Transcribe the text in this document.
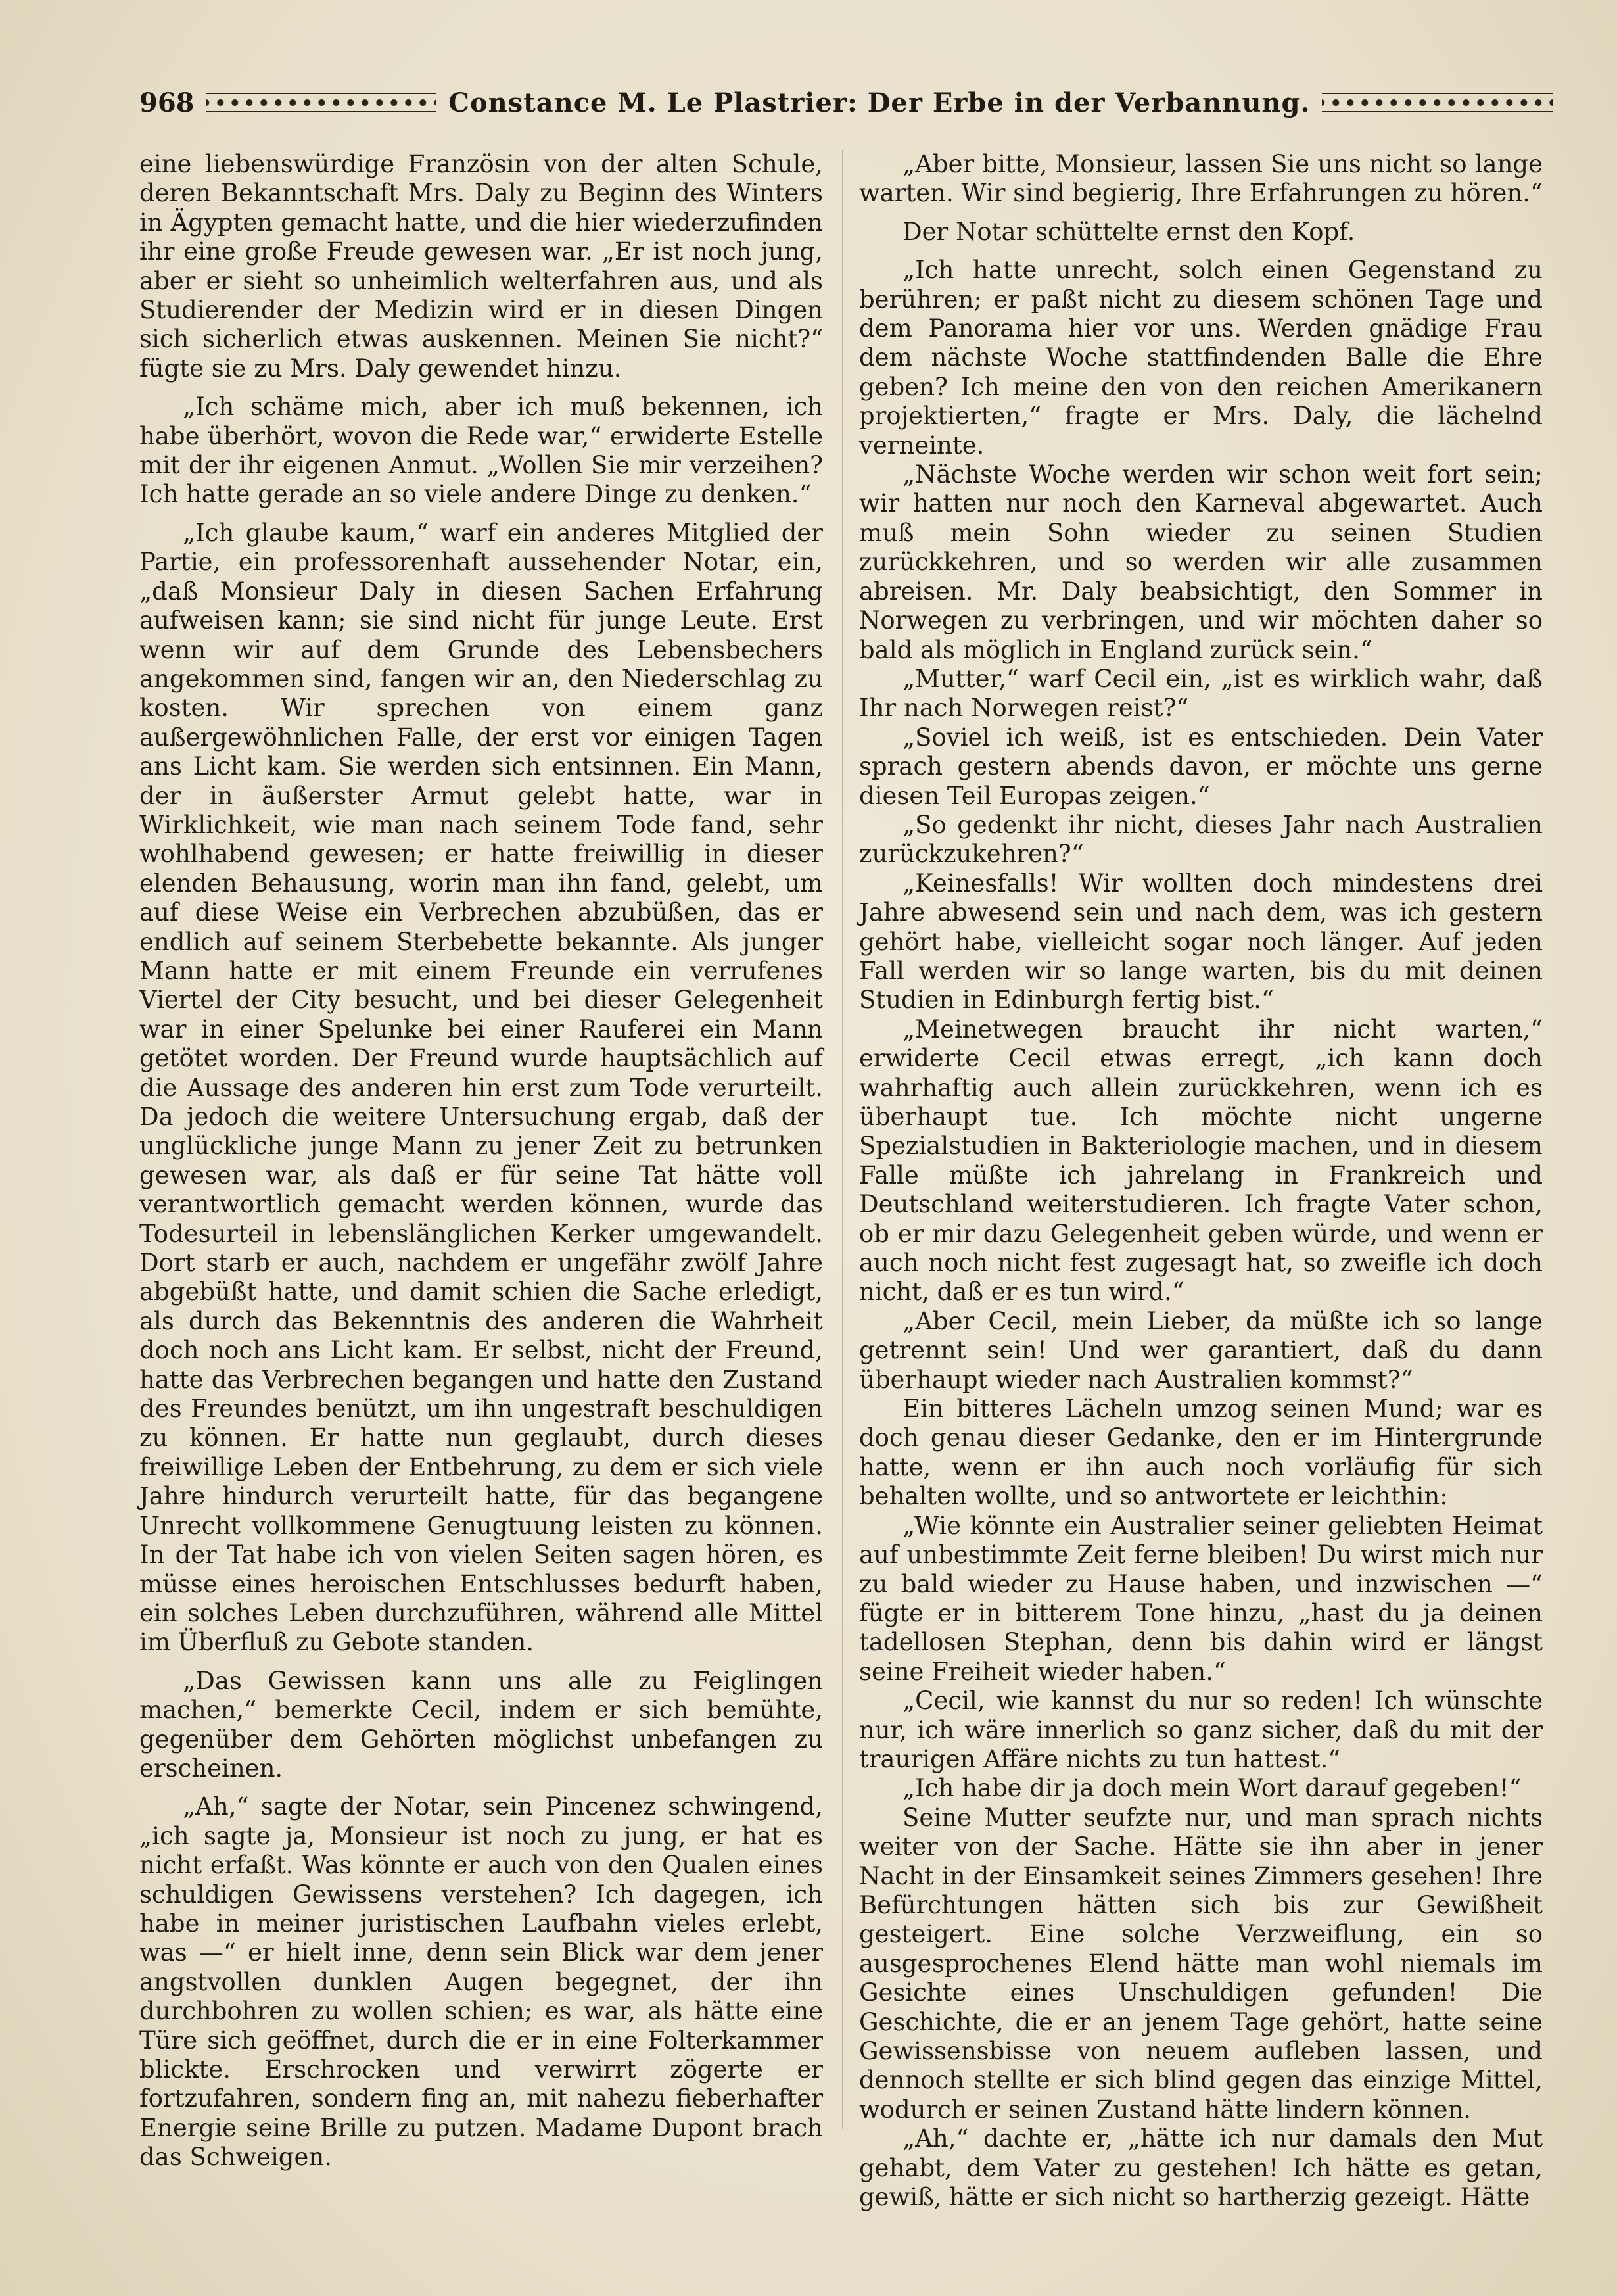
968	Constance M. Le Plastrier: Der Erbe in der Verbannung.

eine liebenswürdige Französin von der alten Schule, deren Bekanntschaft Mrs. Daly zu Beginn des Winters in Ägypten gemacht hatte, und die hier wiederzufinden ihr eine große Freude gewesen war. „Er ist noch jung, aber er sieht so unheimlich welterfahren aus, und als Studierender der Medizin wird er in diesen Dingen sich sicherlich etwas auskennen. Meinen Sie nicht?“ fügte sie zu Mrs. Daly gewendet hinzu.

„Ich schäme mich, aber ich muß bekennen, ich habe überhört, wovon die Rede war,“ erwiderte Estelle mit der ihr eigenen Anmut. „Wollen Sie mir verzeihen? Ich hatte gerade an so viele andere Dinge zu denken.“

„Ich glaube kaum,“ warf ein anderes Mitglied der Partie, ein professorenhaft aussehender Notar, ein, „daß Monsieur Daly in diesen Sachen Erfahrung aufweisen kann; sie sind nicht für junge Leute. Erst wenn wir auf dem Grunde des Lebensbechers angekommen sind, fangen wir an, den Niederschlag zu kosten. Wir sprechen von einem ganz außergewöhnlichen Falle, der erst vor einigen Tagen ans Licht kam. Sie werden sich entsinnen. Ein Mann, der in äußerster Armut gelebt hatte, war in Wirklichkeit, wie man nach seinem Tode fand, sehr wohlhabend gewesen; er hatte freiwillig in dieser elenden Behausung, worin man ihn fand, gelebt, um auf diese Weise ein Verbrechen abzubüßen, das er endlich auf seinem Sterbebette bekannte. Als junger Mann hatte er mit einem Freunde ein verrufenes Viertel der City besucht, und bei dieser Gelegenheit war in einer Spelunke bei einer Rauferei ein Mann getötet worden. Der Freund wurde hauptsächlich auf die Aussage des anderen hin erst zum Tode verurteilt. Da jedoch die weitere Untersuchung ergab, daß der unglückliche junge Mann zu jener Zeit zu betrunken gewesen war, als daß er für seine Tat hätte voll verantwortlich gemacht werden können, wurde das Todesurteil in lebenslänglichen Kerker umgewandelt. Dort starb er auch, nachdem er ungefähr zwölf Jahre abgebüßt hatte, und damit schien die Sache erledigt, als durch das Bekenntnis des anderen die Wahrheit doch noch ans Licht kam. Er selbst, nicht der Freund, hatte das Verbrechen begangen und hatte den Zustand des Freundes benützt, um ihn ungestraft beschuldigen zu können. Er hatte nun geglaubt, durch dieses freiwillige Leben der Entbehrung, zu dem er sich viele Jahre hindurch verurteilt hatte, für das begangene Unrecht vollkommene Genugtuung leisten zu können. In der Tat habe ich von vielen Seiten sagen hören, es müsse eines heroischen Entschlusses bedurft haben, ein solches Leben durchzuführen, während alle Mittel im Überfluß zu Gebote standen.

„Das Gewissen kann uns alle zu Feiglingen machen,“ bemerkte Cecil, indem er sich bemühte, gegenüber dem Gehörten möglichst unbefangen zu erscheinen.

„Ah,“ sagte der Notar, sein Pincenez schwingend, „ich sagte ja, Monsieur ist noch zu jung, er hat es nicht erfaßt. Was könnte er auch von den Qualen eines schuldigen Gewissens verstehen? Ich dagegen, ich habe in meiner juristischen Laufbahn vieles erlebt, was —“ er hielt inne, denn sein Blick war dem jener angstvollen dunklen Augen begegnet, der ihn durchbohren zu wollen schien; es war, als hätte eine Türe sich geöffnet, durch die er in eine Folterkammer blickte. Erschrocken und verwirrt zögerte er fortzufahren, sondern fing an, mit nahezu fieberhafter Energie seine Brille zu putzen. Madame Dupont brach das Schweigen.

„Aber bitte, Monsieur, lassen Sie uns nicht so lange warten. Wir sind begierig, Ihre Erfahrungen zu hören.“

Der Notar schüttelte ernst den Kopf.

„Ich hatte unrecht, solch einen Gegenstand zu berühren; er paßt nicht zu diesem schönen Tage und dem Panorama hier vor uns. Werden gnädige Frau dem nächste Woche stattfindenden Balle die Ehre geben? Ich meine den von den reichen Amerikanern projektierten,“ fragte er Mrs. Daly, die lächelnd verneinte.

„Nächste Woche werden wir schon weit fort sein; wir hatten nur noch den Karneval abgewartet. Auch muß mein Sohn wieder zu seinen Studien zurückkehren, und so werden wir alle zusammen abreisen. Mr. Daly beabsichtigt, den Sommer in Norwegen zu verbringen, und wir möchten daher so bald als möglich in England zurück sein.“

„Mutter,“ warf Cecil ein, „ist es wirklich wahr, daß Ihr nach Norwegen reist?“

„Soviel ich weiß, ist es entschieden. Dein Vater sprach gestern abends davon, er möchte uns gerne diesen Teil Europas zeigen.“

„So gedenkt ihr nicht, dieses Jahr nach Australien zurückzukehren?“

„Keinesfalls! Wir wollten doch mindestens drei Jahre abwesend sein und nach dem, was ich gestern gehört habe, vielleicht sogar noch länger. Auf jeden Fall werden wir so lange warten, bis du mit deinen Studien in Edinburgh fertig bist.“

„Meinetwegen braucht ihr nicht warten,“ erwiderte Cecil etwas erregt, „ich kann doch wahrhaftig auch allein zurückkehren, wenn ich es überhaupt tue. Ich möchte nicht ungerne Spezialstudien in Bakteriologie machen, und in diesem Falle müßte ich jahrelang in Frankreich und Deutschland weiterstudieren. Ich fragte Vater schon, ob er mir dazu Gelegenheit geben würde, und wenn er auch noch nicht fest zugesagt hat, so zweifle ich doch nicht, daß er es tun wird.“

„Aber Cecil, mein Lieber, da müßte ich so lange getrennt sein! Und wer garantiert, daß du dann überhaupt wieder nach Australien kommst?“

Ein bitteres Lächeln umzog seinen Mund; war es doch genau dieser Gedanke, den er im Hintergrunde hatte, wenn er ihn auch noch vorläufig für sich behalten wollte, und so antwortete er leichthin:

„Wie könnte ein Australier seiner geliebten Heimat auf unbestimmte Zeit ferne bleiben! Du wirst mich nur zu bald wieder zu Hause haben, und inzwischen —“ fügte er in bitterem Tone hinzu, „hast du ja deinen tadellosen Stephan, denn bis dahin wird er längst seine Freiheit wieder haben.“

„Cecil, wie kannst du nur so reden! Ich wünschte nur, ich wäre innerlich so ganz sicher, daß du mit der traurigen Affäre nichts zu tun hattest.“

„Ich habe dir ja doch mein Wort darauf gegeben!“

Seine Mutter seufzte nur, und man sprach nichts weiter von der Sache. Hätte sie ihn aber in jener Nacht in der Einsamkeit seines Zimmers gesehen! Ihre Befürchtungen hätten sich bis zur Gewißheit gesteigert. Eine solche Verzweiflung, ein so ausgesprochenes Elend hätte man wohl niemals im Gesichte eines Unschuldigen gefunden! Die Geschichte, die er an jenem Tage gehört, hatte seine Gewissensbisse von neuem aufleben lassen, und dennoch stellte er sich blind gegen das einzige Mittel, wodurch er seinen Zustand hätte lindern können.

„Ah,“ dachte er, „hätte ich nur damals den Mut gehabt, dem Vater zu gestehen! Ich hätte es getan, gewiß, hätte er sich nicht so hartherzig gezeigt. Hätte
